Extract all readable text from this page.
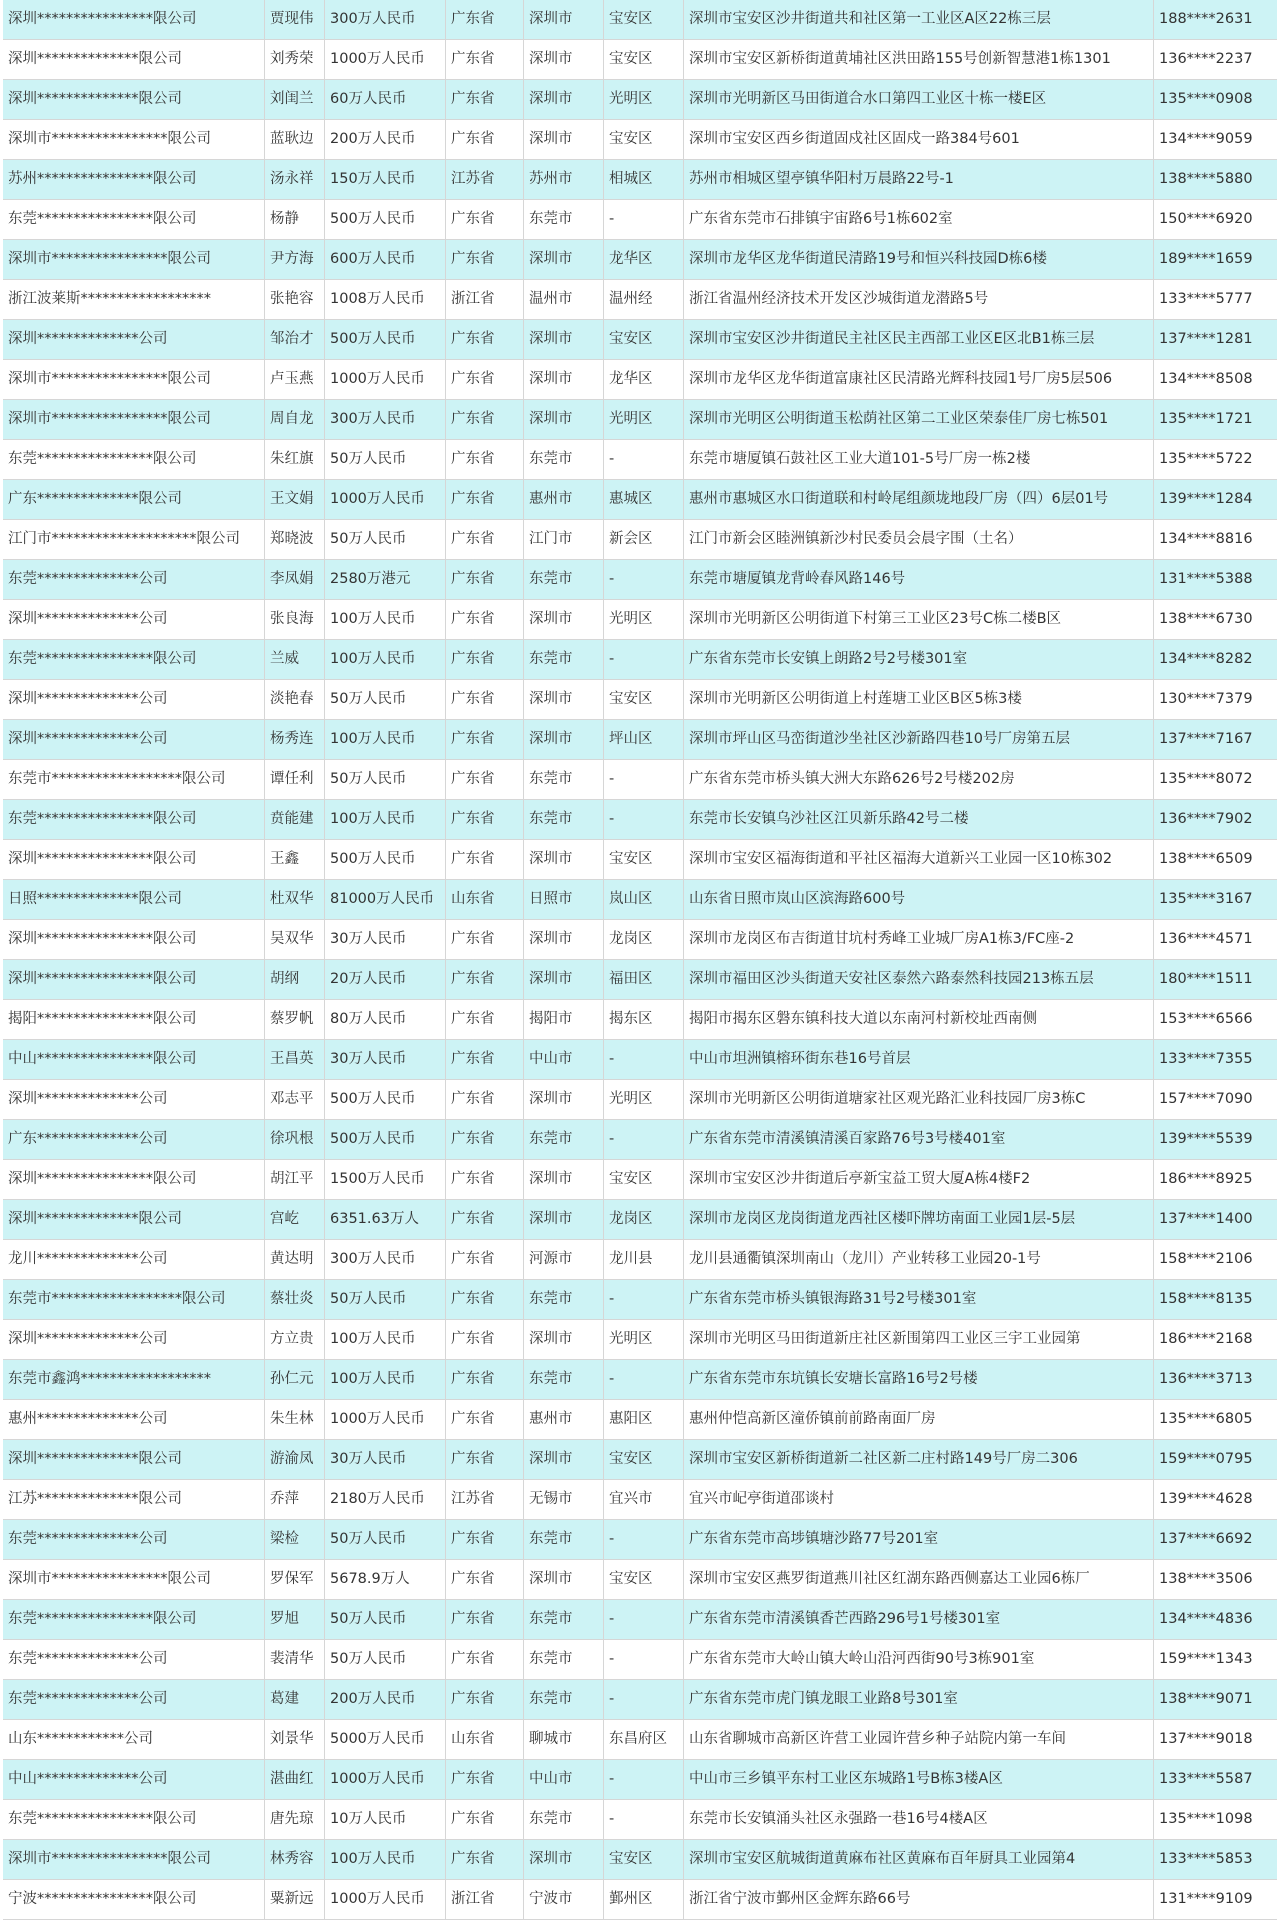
深圳****************限公司	贾现伟	300万人民币	广东省	深圳市	宝安区	深圳市宝安区沙井街道共和社区第一工业区A区22栋三层	188****2631
深圳**************限公司	刘秀荣	1000万人民币	广东省	深圳市	宝安区	深圳市宝安区新桥街道黄埔社区洪田路155号创新智慧港1栋1301	136****2237
深圳**************限公司	刘闺兰	60万人民币	广东省	深圳市	光明区	深圳市光明新区马田街道合水口第四工业区十栋一楼E区	135****0908
深圳市****************限公司	蓝耿边	200万人民币	广东省	深圳市	宝安区	深圳市宝安区西乡街道固戍社区固戍一路384号601	134****9059
苏州****************限公司	汤永祥	150万人民币	江苏省	苏州市	相城区	苏州市相城区望亭镇华阳村万晨路22号-1	138****5880
东莞****************限公司	杨静	500万人民币	广东省	东莞市	-	广东省东莞市石排镇宇宙路6号1栋602室	150****6920
深圳市****************限公司	尹方海	600万人民币	广东省	深圳市	龙华区	深圳市龙华区龙华街道民清路19号和恒兴科技园D栋6楼	189****1659
浙江波莱斯******************	张艳容	1008万人民币	浙江省	温州市	温州经	浙江省温州经济技术开发区沙城街道龙潜路5号	133****5777
深圳**************公司	邹治才	500万人民币	广东省	深圳市	宝安区	深圳市宝安区沙井街道民主社区民主西部工业区E区北B1栋三层	137****1281
深圳市****************限公司	卢玉燕	1000万人民币	广东省	深圳市	龙华区	深圳市龙华区龙华街道富康社区民清路光辉科技园1号厂房5层506	134****8508
深圳市****************限公司	周自龙	300万人民币	广东省	深圳市	光明区	深圳市光明区公明街道玉松荫社区第二工业区荣泰佳厂房七栋501	135****1721
东莞****************限公司	朱红旗	50万人民币	广东省	东莞市	-	东莞市塘厦镇石鼓社区工业大道101-5号厂房一栋2楼	135****5722
广东**************限公司	王文娟	1000万人民币	广东省	惠州市	惠城区	惠州市惠城区水口街道联和村岭尾组颜垅地段厂房（四）6层01号	139****1284
江门市********************限公司	郑晓波	50万人民币	广东省	江门市	新会区	江门市新会区睦洲镇新沙村民委员会晨字围（土名）	134****8816
东莞**************公司	李凤娟	2580万港元	广东省	东莞市	-	东莞市塘厦镇龙背岭春风路146号	131****5388
深圳**************公司	张良海	100万人民币	广东省	深圳市	光明区	深圳市光明新区公明街道下村第三工业区23号C栋二楼B区	138****6730
东莞****************限公司	兰威	100万人民币	广东省	东莞市	-	广东省东莞市长安镇上朗路2号2号楼301室	134****8282
深圳**************公司	淡艳春	50万人民币	广东省	深圳市	宝安区	深圳市光明新区公明街道上村莲塘工业区B区5栋3楼	130****7379
深圳**************公司	杨秀连	100万人民币	广东省	深圳市	坪山区	深圳市坪山区马峦街道沙坐社区沙新路四巷10号厂房第五层	137****7167
东莞市******************限公司	谭任利	50万人民币	广东省	东莞市	-	广东省东莞市桥头镇大洲大东路626号2号楼202房	135****8072
东莞****************限公司	贲能建	100万人民币	广东省	东莞市	-	东莞市长安镇乌沙社区江贝新乐路42号二楼	136****7902
深圳****************限公司	王鑫	500万人民币	广东省	深圳市	宝安区	深圳市宝安区福海街道和平社区福海大道新兴工业园一区10栋302	138****6509
日照**************限公司	杜双华	81000万人民币	山东省	日照市	岚山区	山东省日照市岚山区滨海路600号	135****3167
深圳****************限公司	吴双华	30万人民币	广东省	深圳市	龙岗区	深圳市龙岗区布吉街道甘坑村秀峰工业城厂房A1栋3/FC座-2	136****4571
深圳****************限公司	胡纲	20万人民币	广东省	深圳市	福田区	深圳市福田区沙头街道天安社区泰然六路泰然科技园213栋五层	180****1511
揭阳****************限公司	蔡罗帆	80万人民币	广东省	揭阳市	揭东区	揭阳市揭东区磐东镇科技大道以东南河村新校址西南侧	153****6566
中山****************限公司	王昌英	30万人民币	广东省	中山市	-	中山市坦洲镇榕环街东巷16号首层	133****7355
深圳**************公司	邓志平	500万人民币	广东省	深圳市	光明区	深圳市光明新区公明街道塘家社区观光路汇业科技园厂房3栋C	157****7090
广东**************公司	徐巩根	500万人民币	广东省	东莞市	-	广东省东莞市清溪镇清溪百家路76号3号楼401室	139****5539
深圳****************限公司	胡江平	1500万人民币	广东省	深圳市	宝安区	深圳市宝安区沙井街道后亭新宝益工贸大厦A栋4楼F2	186****8925
深圳**************限公司	宫屹	6351.63万人	广东省	深圳市	龙岗区	深圳市龙岗区龙岗街道龙西社区楼吓牌坊南面工业园1层-5层	137****1400
龙川**************公司	黄达明	300万人民币	广东省	河源市	龙川县	龙川县通衢镇深圳南山（龙川）产业转移工业园20-1号	158****2106
东莞市******************限公司	蔡壮炎	50万人民币	广东省	东莞市	-	广东省东莞市桥头镇银海路31号2号楼301室	158****8135
深圳**************公司	方立贵	100万人民币	广东省	深圳市	光明区	深圳市光明区马田街道新庄社区新围第四工业区三宇工业园第	186****2168
东莞市鑫鸿******************	孙仁元	100万人民币	广东省	东莞市	-	广东省东莞市东坑镇长安塘长富路16号2号楼	136****3713
惠州**************公司	朱生林	1000万人民币	广东省	惠州市	惠阳区	惠州仲恺高新区潼侨镇前前路南面厂房	135****6805
深圳**************限公司	游渝凤	30万人民币	广东省	深圳市	宝安区	深圳市宝安区新桥街道新二社区新二庄村路149号厂房二306	159****0795
江苏**************限公司	乔萍	2180万人民币	江苏省	无锡市	宜兴市	宜兴市屺亭街道邵谈村	139****4628
东莞**************公司	梁检	50万人民币	广东省	东莞市	-	广东省东莞市高埗镇塘沙路77号201室	137****6692
深圳市****************限公司	罗保军	5678.9万人	广东省	深圳市	宝安区	深圳市宝安区燕罗街道燕川社区红湖东路西侧嘉达工业园6栋厂	138****3506
东莞****************限公司	罗旭	50万人民币	广东省	东莞市	-	广东省东莞市清溪镇香芒西路296号1号楼301室	134****4836
东莞**************公司	裴清华	50万人民币	广东省	东莞市	-	广东省东莞市大岭山镇大岭山沿河西街90号3栋901室	159****1343
东莞**************公司	葛建	200万人民币	广东省	东莞市	-	广东省东莞市虎门镇龙眼工业路8号301室	138****9071
山东************公司	刘景华	5000万人民币	山东省	聊城市	东昌府区	山东省聊城市高新区许营工业园许营乡种子站院内第一车间	137****9018
中山**************公司	湛曲红	1000万人民币	广东省	中山市	-	中山市三乡镇平东村工业区东城路1号B栋3楼A区	133****5587
东莞****************限公司	唐先琼	10万人民币	广东省	东莞市	-	东莞市长安镇涌头社区永强路一巷16号4楼A区	135****1098
深圳市****************限公司	林秀容	100万人民币	广东省	深圳市	宝安区	深圳市宝安区航城街道黄麻布社区黄麻布百年厨具工业园第4	133****5853
宁波****************限公司	粟新远	1000万人民币	浙江省	宁波市	鄞州区	浙江省宁波市鄞州区金辉东路66号	131****9109
